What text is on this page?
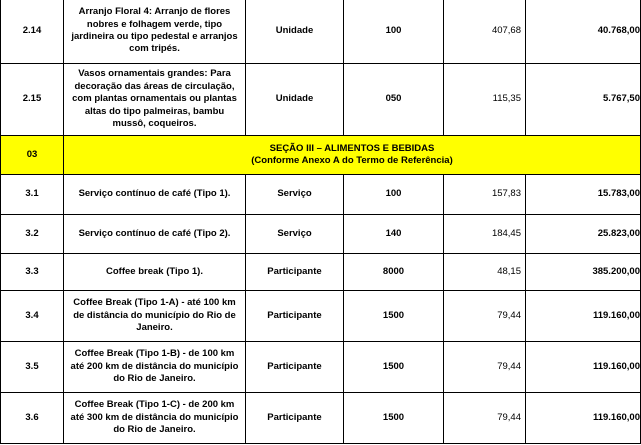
2.14	Arranjo Floral 4: Arranjo de flores nobres e folhagem verde, tipo jardineira ou tipo pedestal e arranjos com tripés.	Unidade	100	407,68	40.768,00
2.15	Vasos ornamentais grandes: Para decoração das áreas de circulação, com plantas ornamentais ou plantas altas do tipo palmeiras, bambu mussô, coqueiros.	Unidade	050	115,35	5.767,50
03	SEÇÃO III – ALIMENTOS E BEBIDAS
(Conforme Anexo A do Termo de Referência)				

3.1	Serviço contínuo de café (Tipo 1).	Serviço	100	157,83	15.783,00
3.2	Serviço contínuo de café (Tipo 2).	Serviço	140	184,45	25.823,00
3.3	Coffee break (Tipo 1).	Participante	8000	48,15	385.200,00
3.4	Coffee Break (Tipo 1-A) - até 100 km de distância do município do Rio de Janeiro.	Participante	1500	79,44	119.160,00
3.5	Coffee Break (Tipo 1-B) - de 100 km até 200 km de distância do município do Rio de Janeiro.	Participante	1500	79,44	119.160,00
3.6	Coffee Break (Tipo 1-C) - de 200 km até 300 km de distância do município do Rio de Janeiro.	Participante	1500	79,44	119.160,00
